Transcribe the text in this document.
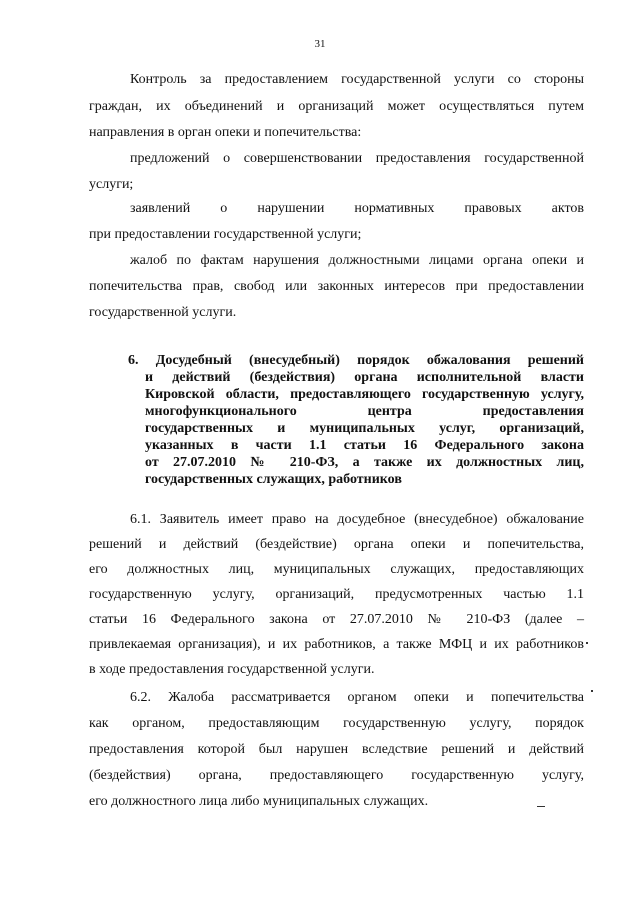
31
Контроль за предоставлением государственной услуги со стороны
граждан, их объединений и организаций может осуществляться путем
направления в орган опеки и попечительства:
предложений о совершенствовании предоставления государственной
услуги;
заявлений о нарушении нормативных правовых актов
при предоставлении государственной услуги;
жалоб по фактам нарушения должностными лицами органа опеки и
попечительства прав, свобод или законных интересов при предоставлении
государственной услуги.
6. Досудебный (внесудебный) порядок обжалования решений
и действий (бездействия) органа исполнительной власти
Кировской области, предоставляющего государственную услугу,
многофункционального центра предоставления
государственных и муниципальных услуг, организаций,
указанных в части 1.1 статьи 16 Федерального закона
от 27.07.2010 № 210-ФЗ, а также их должностных лиц,
государственных служащих, работников
6.1. Заявитель имеет право на досудебное (внесудебное) обжалование
решений и действий (бездействие) органа опеки и попечительства,
его должностных лиц, муниципальных служащих, предоставляющих
государственную услугу, организаций, предусмотренных частью 1.1
статьи 16 Федерального закона от 27.07.2010 № 210-ФЗ (далее –
привлекаемая организация), и их работников, а также МФЦ и их работников
в ходе предоставления государственной услуги.
6.2. Жалоба рассматривается органом опеки и попечительства
как органом, предоставляющим государственную услугу, порядок
предоставления которой был нарушен вследствие решений и действий
(бездействия) органа, предоставляющего государственную услугу,
его должностного лица либо муниципальных служащих.
